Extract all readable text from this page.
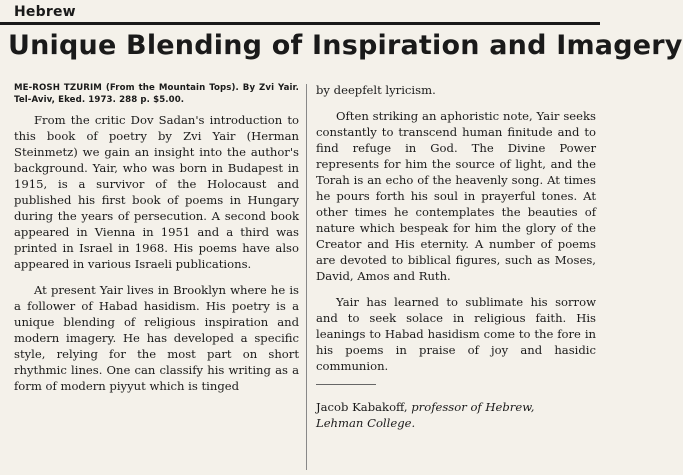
Hebrew
Unique Blending of Inspiration and Imagery
ME-ROSH TZURIM (From the Mountain Tops). By Zvi Yair. Tel-Aviv, Eked. 1973. 288 p. $5.00.

From the critic Dov Sadan's introduction to this book of poetry by Zvi Yair (Herman Steinmetz) we gain an insight into the author's background. Yair, who was born in Budapest in 1915, is a survivor of the Holocaust and published his first book of poems in Hungary during the years of persecution. A second book appeared in Vienna in 1951 and a third was printed in Israel in 1968. His poems have also appeared in various Israeli publications.

At present Yair lives in Brooklyn where he is a follower of Habad hasidism. His poetry is a unique blending of religious inspiration and modern imagery. He has developed a specific style, relying for the most part on short rhythmic lines. One can classify his writing as a form of modern piyyut which is tinged

by deepfelt lyricism.

Often striking an aphoristic note, Yair seeks constantly to transcend human finitude and to find refuge in God. The Divine Power represents for him the source of light, and the Torah is an echo of the heavenly song. At times he pours forth his soul in prayerful tones. At other times he contemplates the beauties of nature which bespeak for him the glory of the Creator and His eternity. A number of poems are devoted to biblical figures, such as Moses, David, Amos and Ruth.

Yair has learned to sublimate his sorrow and to seek solace in religious faith. His leanings to Habad hasidism come to the fore in his poems in praise of joy and hasidic communion.

Jacob Kabakoff, professor of Hebrew,
Lehman College.
